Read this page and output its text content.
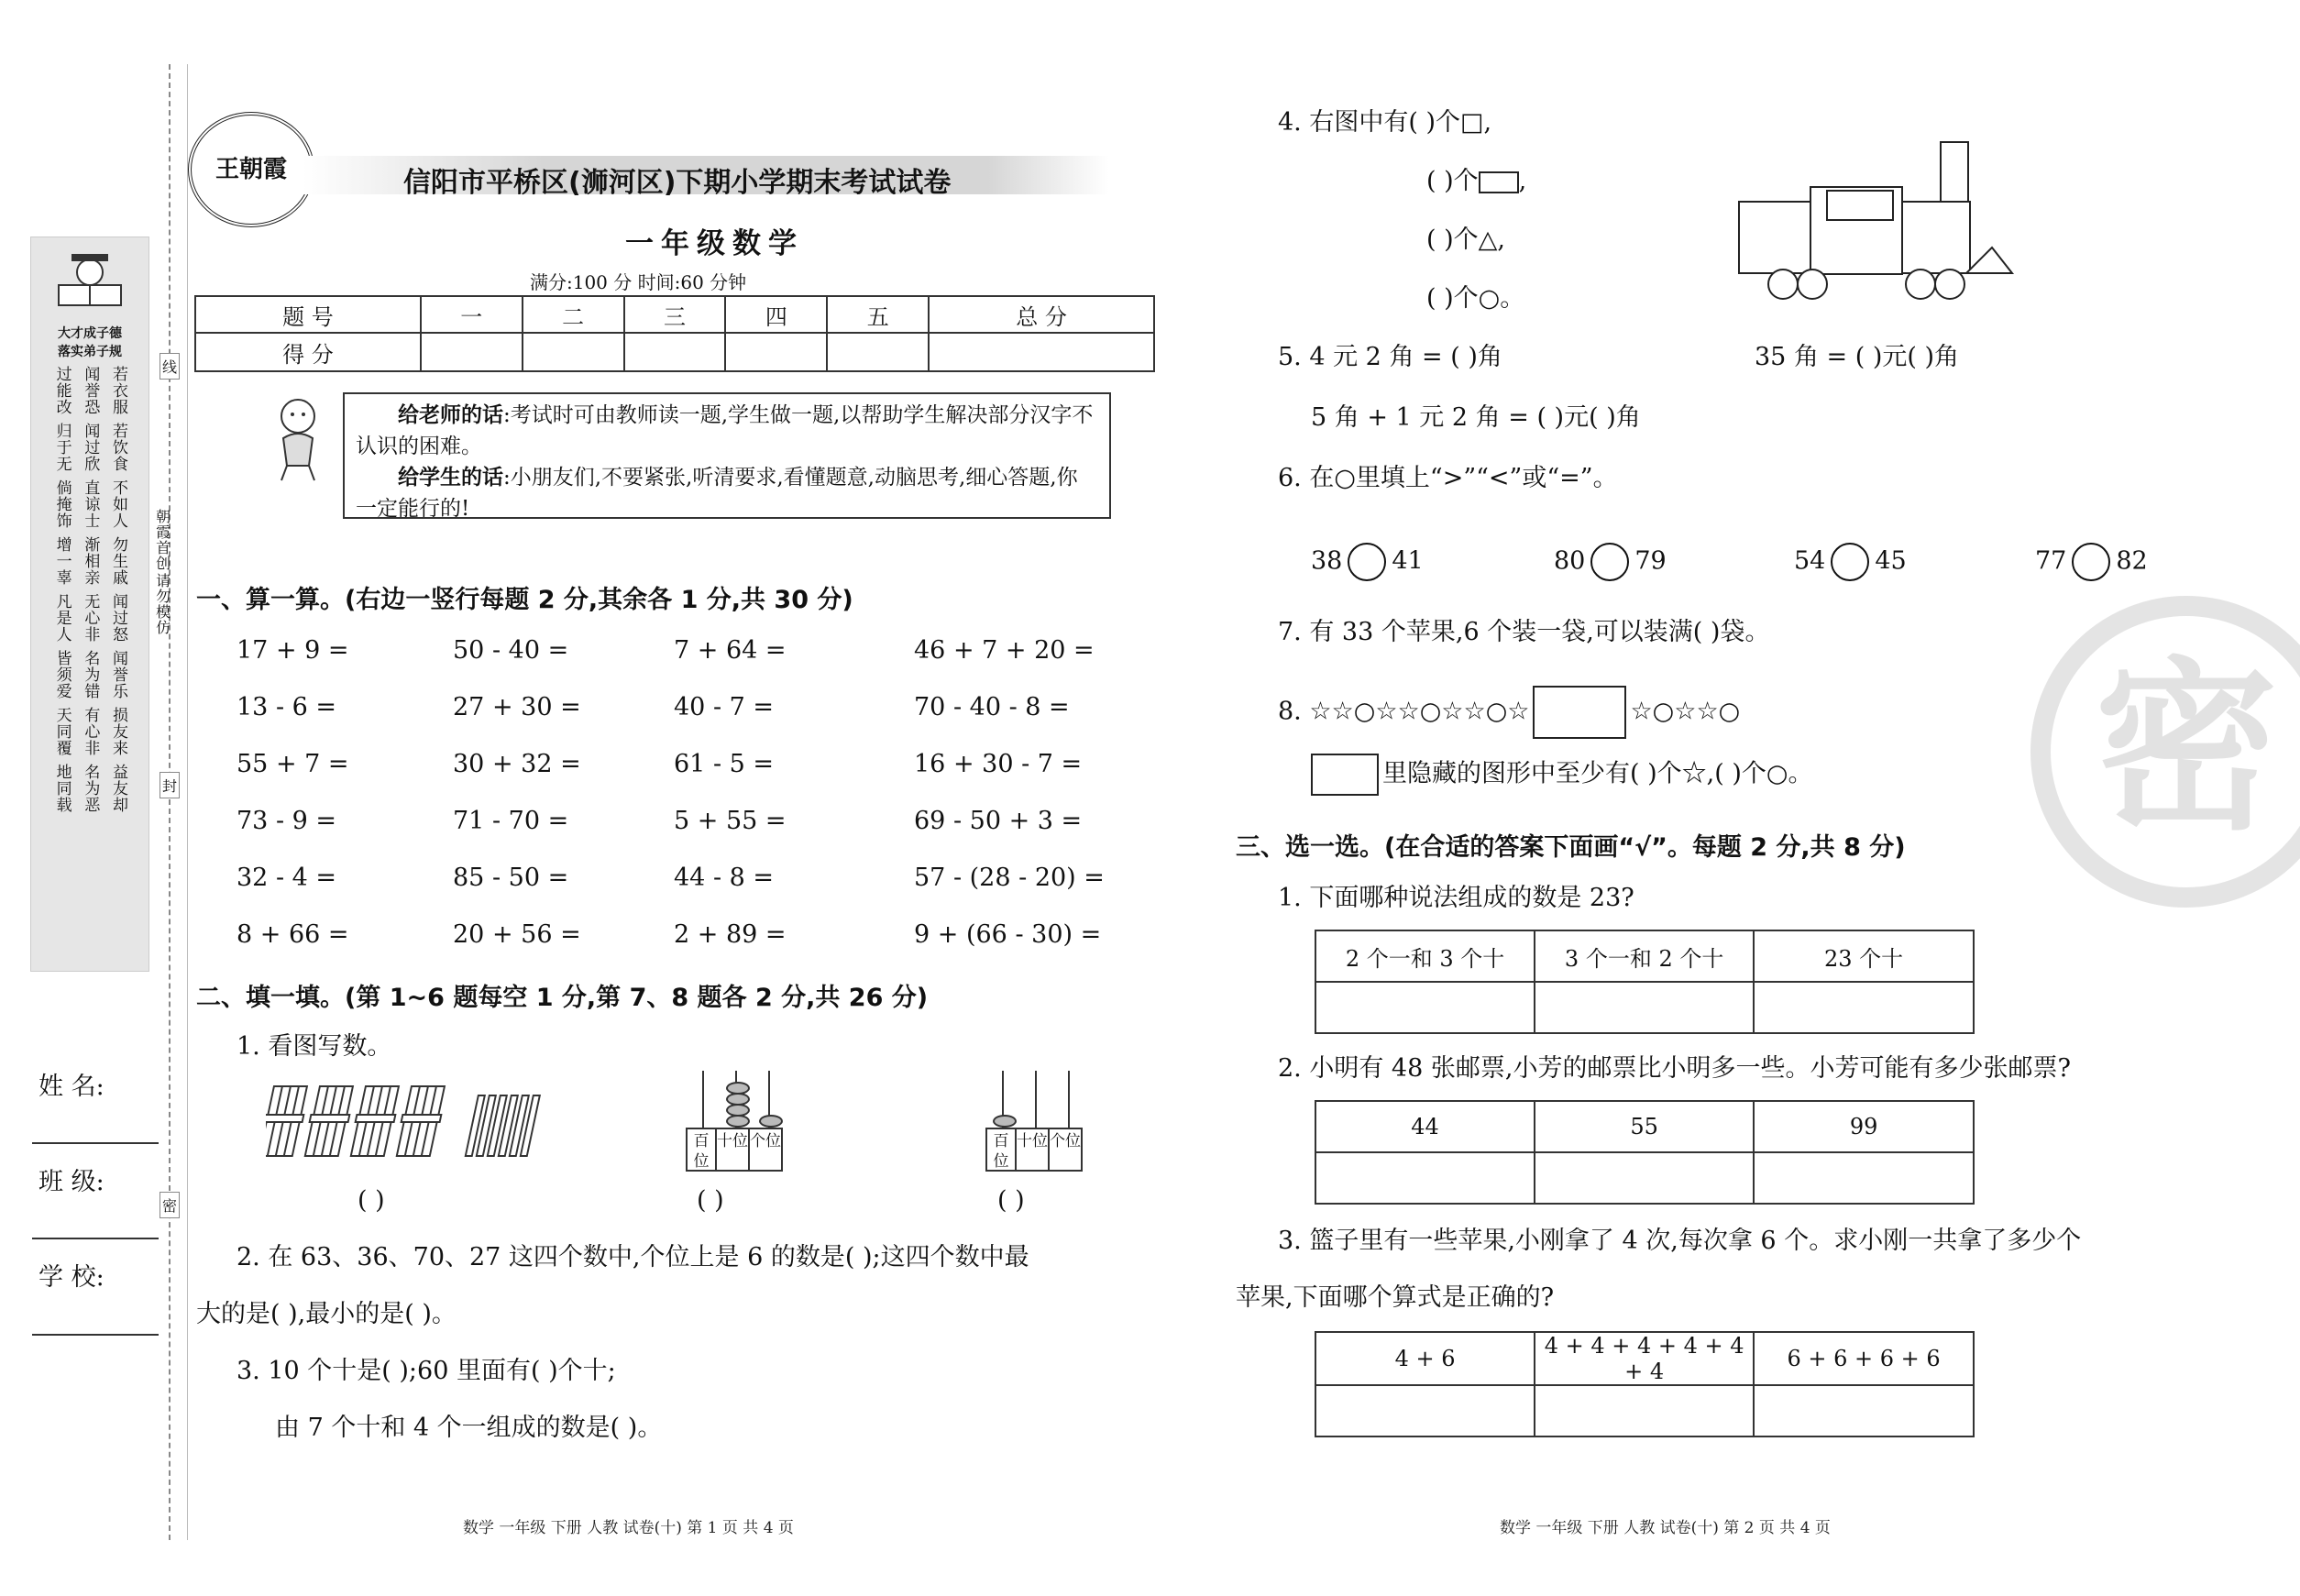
大才成子德
落实弟子规
过能改 闻誉恐 若衣服
归于无 闻过欣 若饮食
倘掩饰 直谅士 不如人
增一辜 渐相亲 勿生戚
凡是人 无心非 闻过怒
皆须爱 名为错 闻誉乐
天同覆 有心非 损友来
地同载 名为恶 益友却
朝霞首创
请勿模仿
线
封
密
姓 名:
班 级:
学 校:
王朝霞	信阳市平桥区(浉河区)下期小学期末考试试卷
一年级数学
满分:100 分 时间:60 分钟
题 号	一	二	三	四	五	总 分
得 分						
给老师的话:考试时可由教师读一题,学生做一题,以帮助学生解决部分汉字不认识的困难。
给学生的话:小朋友们,不要紧张,听清要求,看懂题意,动脑思考,细心答题,你一定能行的!
一、算一算。(右边一竖行每题 2 分,其余各 1 分,共 30 分)
17 + 9 =	50 - 40 =	7 + 64 =	46 + 7 + 20 =
13 - 6 =	27 + 30 =	40 - 7 =	70 - 40 - 8 =
55 + 7 =	30 + 32 =	61 - 5 =	16 + 30 - 7 =
73 - 9 =	71 - 70 =	5 + 55 =	69 - 50 + 3 =
32 - 4 =	85 - 50 =	44 - 8 =	57 - (28 - 20) =
8 + 66 =	20 + 56 =	2 + 89 =	9 + (66 - 30) =
二、填一填。(第 1~6 题每空 1 分,第 7、8 题各 2 分,共 26 分)
1. 看图写数。
百位
十位 个位	百位
十位 个位
( )	( )	( )
2. 在 63、36、70、27 这四个数中,个位上是 6 的数是( );这四个数中最
大的是( ),最小的是( )。
3. 10 个十是( );60 里面有( )个十;
由 7 个十和 4 个一组成的数是( )。
数学 一年级 下册 人教 试卷(十) 第 1 页 共 4 页
密
4. 右图中有( )个□,
( )个 ,
( )个△,
( )个○。
5. 4 元 2 角 = ( )角	35 角 = ( )元( )角
5 角 + 1 元 2 角 = ( )元( )角
6. 在○里填上“>”“<”或“=”。
38 41	80 79	54 45	77 82
7. 有 33 个苹果,6 个装一袋,可以装满( )袋。
8. ☆☆○☆☆○☆☆○☆	☆○☆☆○
里隐藏的图形中至少有( )个☆,( )个○。
三、选一选。(在合适的答案下面画“√”。每题 2 分,共 8 分)
1. 下面哪种说法组成的数是 23?
2 个一和 3 个十	3 个一和 2 个十	23 个十

2. 小明有 48 张邮票,小芳的邮票比小明多一些。小芳可能有多少张邮票?
44	55	99

3. 篮子里有一些苹果,小刚拿了 4 次,每次拿 6 个。求小刚一共拿了多少个
苹果,下面哪个算式是正确的?
4 + 6	4 + 4 + 4 + 4 + 4 + 4	6 + 6 + 6 + 6

数学 一年级 下册 人教 试卷(十) 第 2 页 共 4 页
